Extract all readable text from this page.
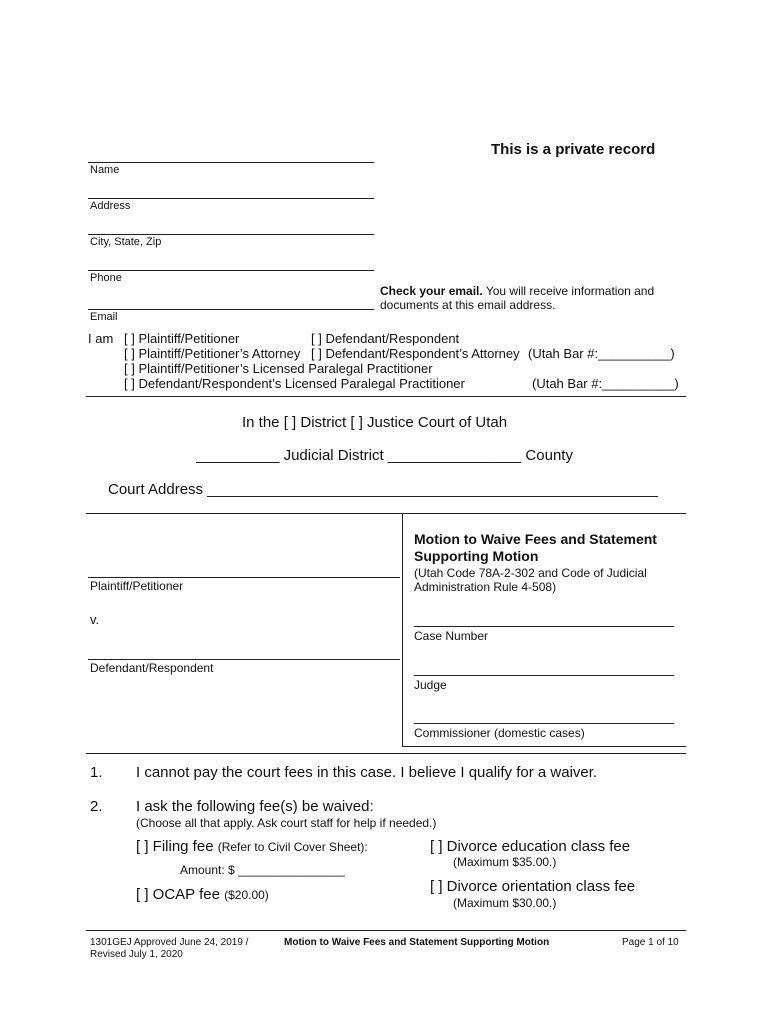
This is a private record
Name
Address
City, State, Zip
Phone
Email
Check your email. You will receive information and
documents at this email address.
I am [ ] Plaintiff/Petitioner	[ ] Defendant/Respondent
[ ] Plaintiff/Petitioner’s Attorney [ ] Defendant/Respondent’s Attorney (Utah Bar #:__________)
[ ] Plaintiff/Petitioner’s Licensed Paralegal Practitioner
[ ] Defendant/Respondent’s Licensed Paralegal Practitioner	(Utah Bar #:__________)
In the [ ] District [ ] Justice Court of Utah
__________ Judicial District ________________ County
Court Address ______________________________________________________
Motion to Waive Fees and Statement
Supporting Motion
(Utah Code 78A-2-302 and Code of Judicial
Administration Rule 4-508)
Plaintiff/Petitioner
v.
Defendant/Respondent
Case Number
Judge
Commissioner (domestic cases)
1. I cannot pay the court fees in this case. I believe I qualify for a waiver.
2. I ask the following fee(s) be waived:
(Choose all that apply. Ask court staff for help if needed.)
[ ] Filing fee (Refer to Civil Cover Sheet):
Amount: $ ________________
[ ] OCAP fee ($20.00)
[ ] Divorce education class fee
(Maximum $35.00.)
[ ] Divorce orientation class fee
(Maximum $30.00.)
1301GEJ Approved June 24, 2019 /
Revised July 1, 2020
Motion to Waive Fees and Statement Supporting Motion	Page 1 of 10
